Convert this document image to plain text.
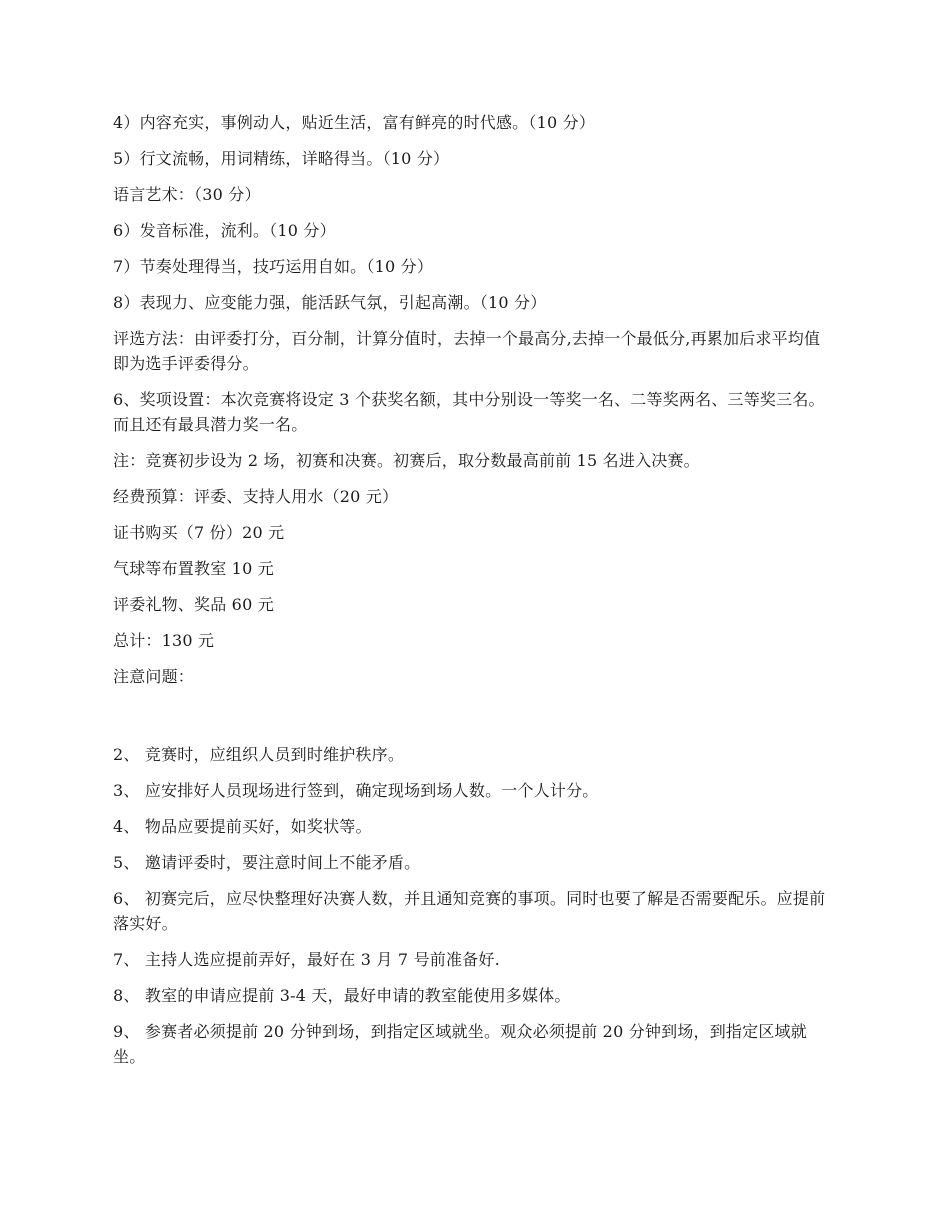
4）内容充实，事例动人，贴近生活，富有鲜亮的时代感。（10 分）

5）行文流畅，用词精练，详略得当。（10 分）

语言艺术：（30 分）

6）发音标准，流利。（10 分）

7）节奏处理得当，技巧运用自如。（10 分）

8）表现力、应变能力强，能活跃气氛，引起高潮。（10 分）

评选方法：由评委打分，百分制，计算分值时，去掉一个最高分,去掉一个最低分,再累加后求平均值即为选手评委得分。

6、奖项设置：本次竞赛将设定 3 个获奖名额，其中分别设一等奖一名、二等奖两名、三等奖三名。而且还有最具潜力奖一名。

注：竞赛初步设为 2 场，初赛和决赛。初赛后，取分数最高前前 15 名进入决赛。

经费预算：评委、支持人用水（20 元）

证书购买（7 份）20 元

气球等布置教室 10 元

评委礼物、奖品 60 元

总计：130 元

注意问题：

2、 竞赛时，应组织人员到时维护秩序。

3、 应安排好人员现场进行签到，确定现场到场人数。一个人计分。

4、 物品应要提前买好，如奖状等。

5、 邀请评委时，要注意时间上不能矛盾。

6、 初赛完后，应尽快整理好决赛人数，并且通知竞赛的事项。同时也要了解是否需要配乐。应提前落实好。

7、 主持人选应提前弄好，最好在 3 月 7 号前准备好.

8、 教室的申请应提前 3-4 天，最好申请的教室能使用多媒体。

9、 参赛者必须提前 20 分钟到场，到指定区域就坐。观众必须提前 20 分钟到场，到指定区域就坐。
